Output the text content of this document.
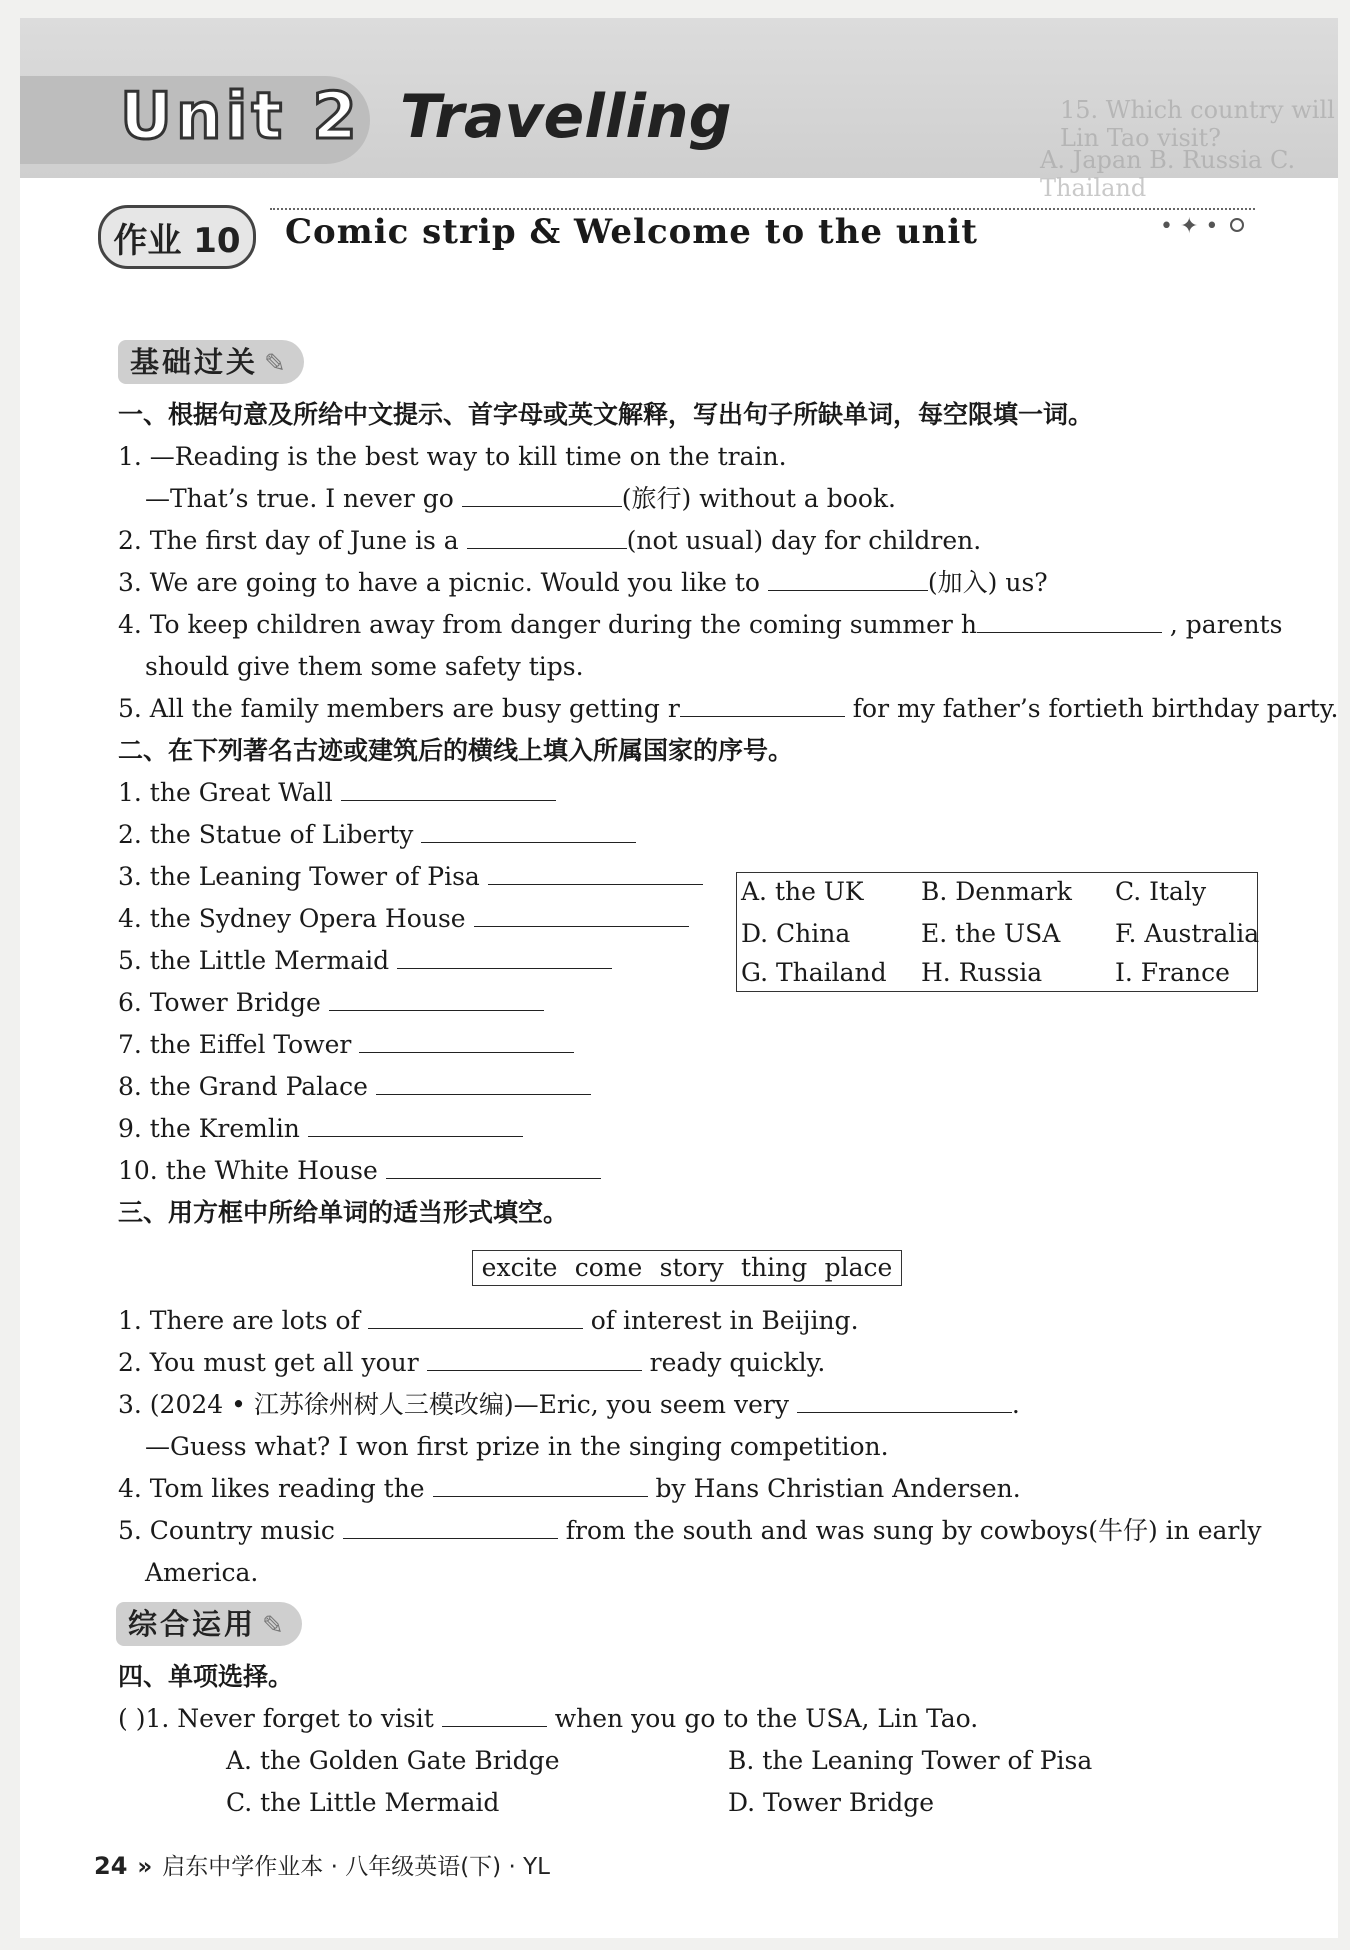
15. Which country will Lin Tao visit?
A. Japan B. Russia C. Thailand
Unit 2 Travelling
作业 10	Comic strip & Welcome to the unit	• ✦ •
基础过关 ✎
一、根据句意及所给中文提示、首字母或英文解释，写出句子所缺单词，每空限填一词。
1. —Reading is the best way to kill time on the train.
—That’s true. I never go	(旅行) without a book.
2. The first day of June is a	(not usual) day for children.
3. We are going to have a picnic. Would you like to	(加入) us?
4. To keep children away from danger during the coming summer h	, parents
should give them some safety tips.
5. All the family members are busy getting r	for my father’s fortieth birthday party.
二、在下列著名古迹或建筑后的横线上填入所属国家的序号。
1. the Great Wall
2. the Statue of Liberty
3. the Leaning Tower of Pisa
4. the Sydney Opera House
5. the Little Mermaid
6. Tower Bridge
7. the Eiffel Tower
8. the Grand Palace
9. the Kremlin
10. the White House
A. the UK B. Denmark C. Italy
D. China	E. the USA F. Australia
G. Thailand H. Russia	I. France
三、用方框中所给单词的适当形式填空。
excite come story thing place
1. There are lots of	of interest in Beijing.
2. You must get all your	ready quickly.
3. (2024 • 江苏徐州树人三模改编)—Eric, you seem very	.
—Guess what? I won first prize in the singing competition.
4. Tom likes reading the	by Hans Christian Andersen.
5. Country music	from the south and was sung by cowboys(牛仔) in early
America.
综合运用 ✎
四、单项选择。
( )1. Never forget to visit	when you go to the USA, Lin Tao.
A. the Golden Gate Bridge	B. the Leaning Tower of Pisa
C. the Little Mermaid	D. Tower Bridge
24 » 启东中学作业本 · 八年级英语(下) · YL
